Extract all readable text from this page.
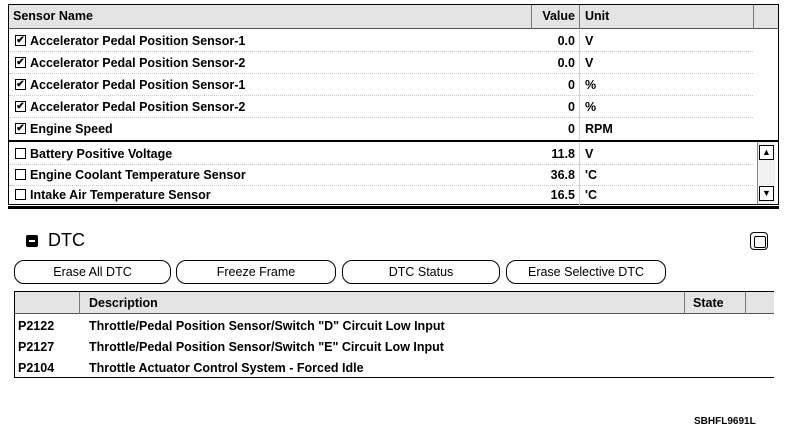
Sensor Name	Value Unit
✔ Accelerator Pedal Position Sensor-1	0.0 V
✔ Accelerator Pedal Position Sensor-2	0.0 V
✔ Accelerator Pedal Position Sensor-1	0 %
✔ Accelerator Pedal Position Sensor-2	0 %
✔ Engine Speed	0 RPM
Battery Positive Voltage	11.8 V
Engine Coolant Temperature Sensor	36.8 'C
Intake Air Temperature Sensor	16.5 'C
▲
▼
DTC
Erase All DTC	Freeze Frame	DTC Status	Erase Selective DTC
Description	State
P2122	Throttle/Pedal Position Sensor/Switch "D" Circuit Low Input
P2127	Throttle/Pedal Position Sensor/Switch "E" Circuit Low Input
P2104	Throttle Actuator Control System - Forced Idle
SBHFL9691L
